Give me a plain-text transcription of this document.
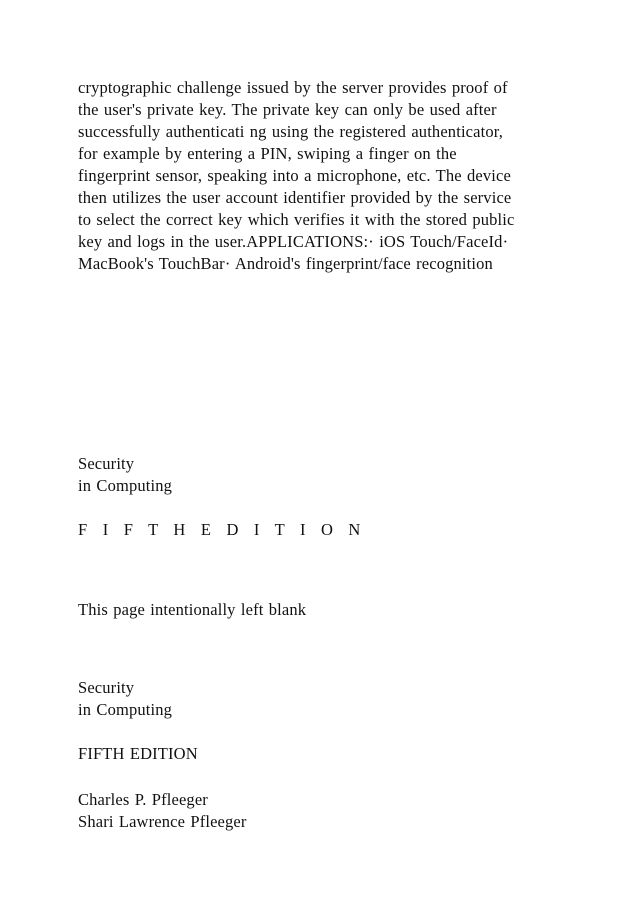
cryptographic challenge issued by the server provides proof of
the user's private key. The private key can only be used after
successfully authenticati ng using the registered authenticator,
for example by entering a PIN, swiping a finger on the
fingerprint sensor, speaking into a microphone, etc. The device
then utilizes the user account identifier provided by the service
to select the correct key which verifies it with the stored public
key and logs in the user.APPLICATIONS:· iOS Touch/FaceId·
MacBook's TouchBar· Android's fingerprint/face recognition
Security
in Computing
F I F T H E D I T I O N
This page intentionally left blank
Security
in Computing
FIFTH EDITION
Charles P. Pfleeger
Shari Lawrence Pfleeger
